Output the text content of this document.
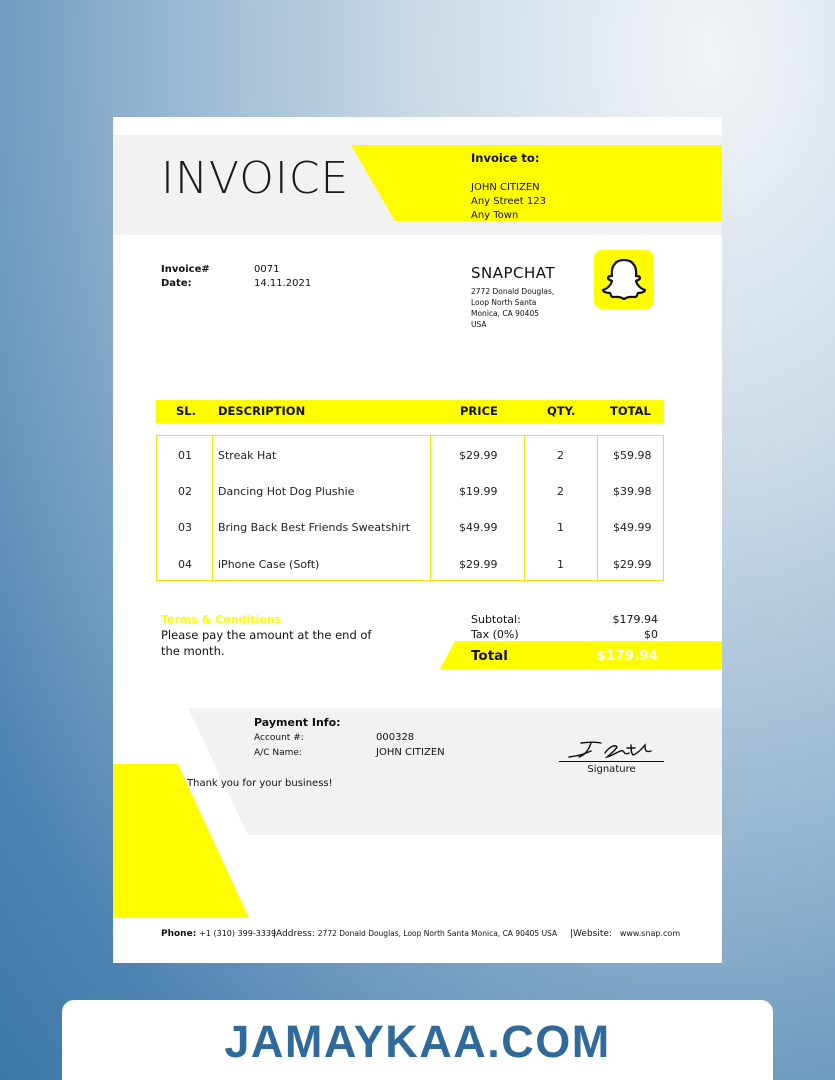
INVOICE	Invoice to:
JOHN CITIZEN
Any Street 123
Any Town
Invoice#	0071
Date:	14.11.2021
SNAPCHAT
2772 Donald Douglas,
Loop North Santa
Monica, CA 90405
USA
SL. DESCRIPTION	PRICE	QTY.	TOTAL
01 Streak Hat	$29.99	2	$59.98
02 Dancing Hot Dog Plushie	$19.99	2	$39.98
03 Bring Back Best Friends Sweatshirt	$49.99	1	$49.99
04 iPhone Case (Soft)	$29.99	1	$29.99
Terms & Conditions
Please pay the amount at the end of the month.
Subtotal:	$179.94
Tax (0%)	$0
Total	$179.94
Payment Info:
Account #:	000328
A/C Name:	JOHN CITIZEN
Thank you for your business!
Signature
Phone: +1 (310) 399-3339
|Address: 2772 Donald Douglas, Loop North Santa Monica, CA 90405 USA |Website: www.snap.com
JAMAYKAA.COM
